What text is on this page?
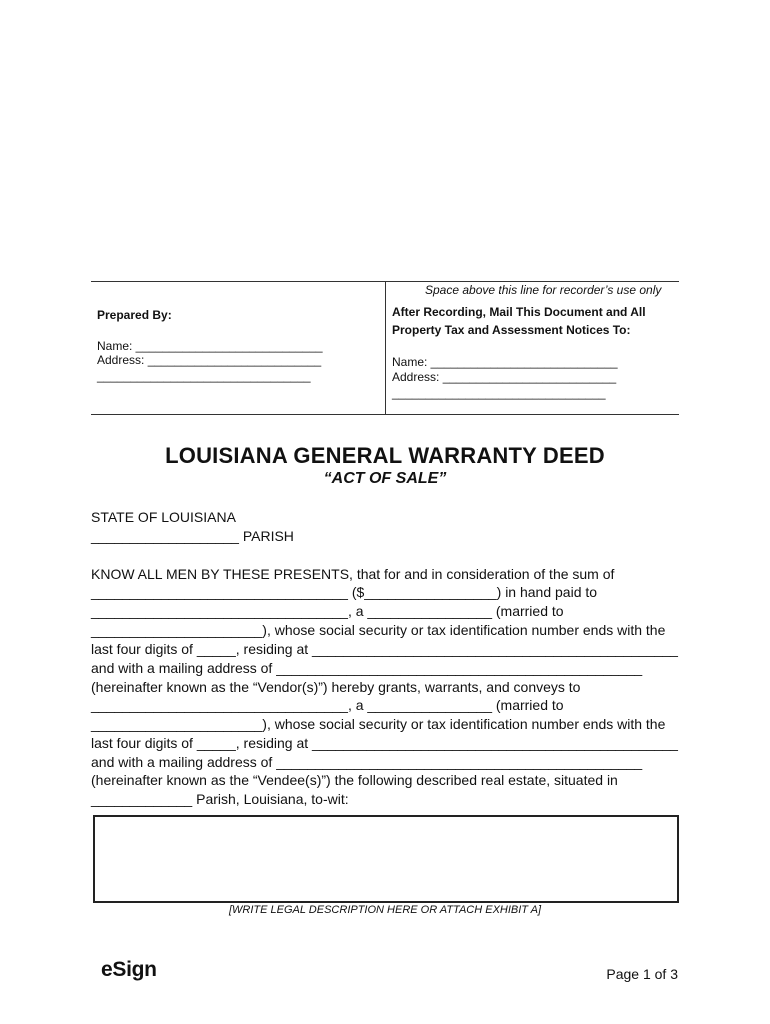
Space above this line for recorder’s use only
Prepared By:
Name: ____________________________
Address: __________________________
________________________________
After Recording, Mail This Document and All
Property Tax and Assessment Notices To:
Name: ____________________________
Address: __________________________
________________________________
LOUISIANA GENERAL WARRANTY DEED
“ACT OF SALE”
STATE OF LOUISIANA
___________________ PARISH
KNOW ALL MEN BY THESE PRESENTS, that for and in consideration of the sum of
_________________________________ ($_________________) in hand paid to
_________________________________, a ________________ (married to
______________________), whose social security or tax identification number ends with the
last four digits of _____, residing at _______________________________________________
and with a mailing address of _______________________________________________
(hereinafter known as the “Vendor(s)”) hereby grants, warrants, and conveys to
_________________________________, a ________________ (married to
______________________), whose social security or tax identification number ends with the
last four digits of _____, residing at _______________________________________________
and with a mailing address of _______________________________________________
(hereinafter known as the “Vendee(s)”) the following described real estate, situated in
_____________ Parish, Louisiana, to-wit:
[WRITE LEGAL DESCRIPTION HERE OR ATTACH EXHIBIT A]
eSign	Page 1 of 3
